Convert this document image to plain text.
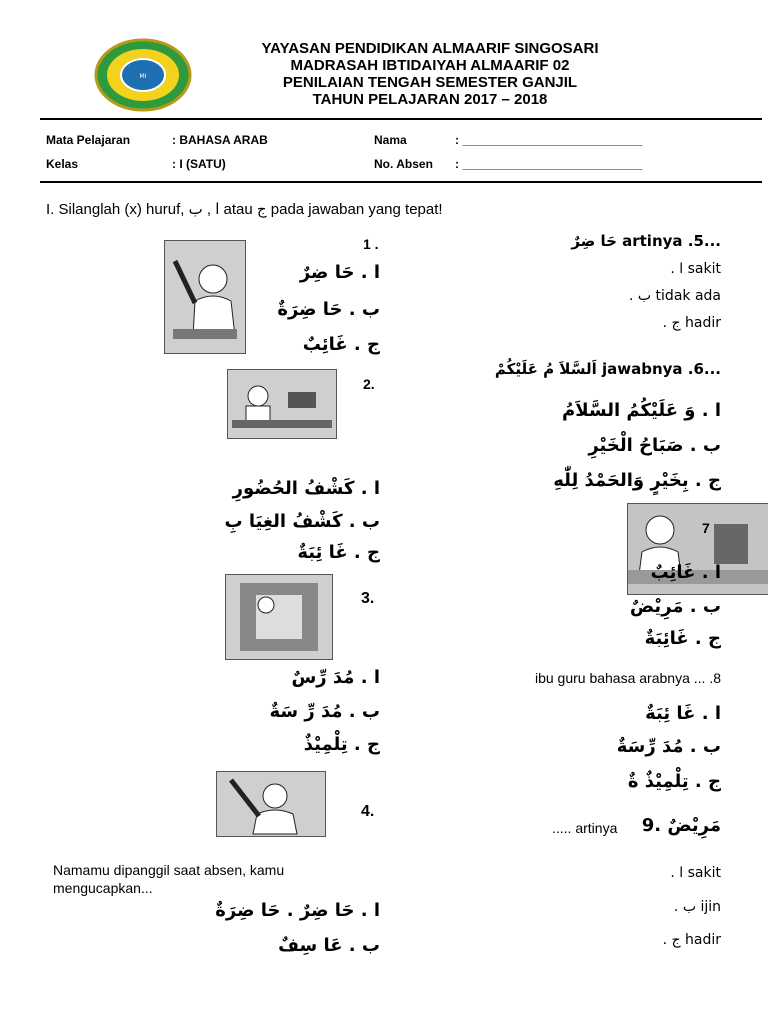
MI
YAYASAN PENDIDIKAN ALMAARIF SINGOSARI
MADRASAH IBTIDAIYAH ALMAARIF 02
PENILAIAN TENGAH SEMESTER GANJIL
TAHUN PELAJARAN 2017 – 2018
Mata Pelajaran	: BAHASA ARAB	Nama	: ___________________________
Kelas	: I (SATU)	No. Absen : ___________________________
I. Silanglah (x) huruf, ا , ب atau ج pada jawaban yang tepat!
1 .
ا . حَا ضِرٌ
ب . حَا ضِرَةٌ
ج . غَائِبٌ
2.
ا . كَشْفُ الحُضُورِ
ب . كَشْفُ الغِيَا بِ
ج . غَا ئِبَةٌ
3.
ا . مُدَ رِّسٌ
ب . مُدَ رِّ سَةٌ
ج . تِلْمِيْذٌ
4.
Namamu dipanggil saat absen, kamu
mengucapkan...
ا . حَا ضِرٌ . حَا ضِرَةٌ
ب . عَا سِفٌ
...artinya .5 حَا ضِرٌ
sakit ا .
tidak ada ب .
hadir ج .
...jawabnya .6 اَلسَّلاَ مُ عَلَيْكُمْ
ا . وَ عَلَيْكُمُ السَّلاَمُ
ب . صَبَاحُ الْخَيْرِ
ج . بِخَيْرٍ وَالحَمْدُ لِلّٰهِ
7
ا . غَائِبٌ
ب . مَرِيْضٌ
ج . غَائِبَةٌ
ibu guru bahasa arabnya ... .8
ا . غَا ئِبَةٌ
ب . مُدَ رِّسَةٌ
ج . تِلْمِيْذٌ ةٌ
..... artinya مَرِيْضٌ .9
sakit ا .
ijin ب .
hadir ج .
